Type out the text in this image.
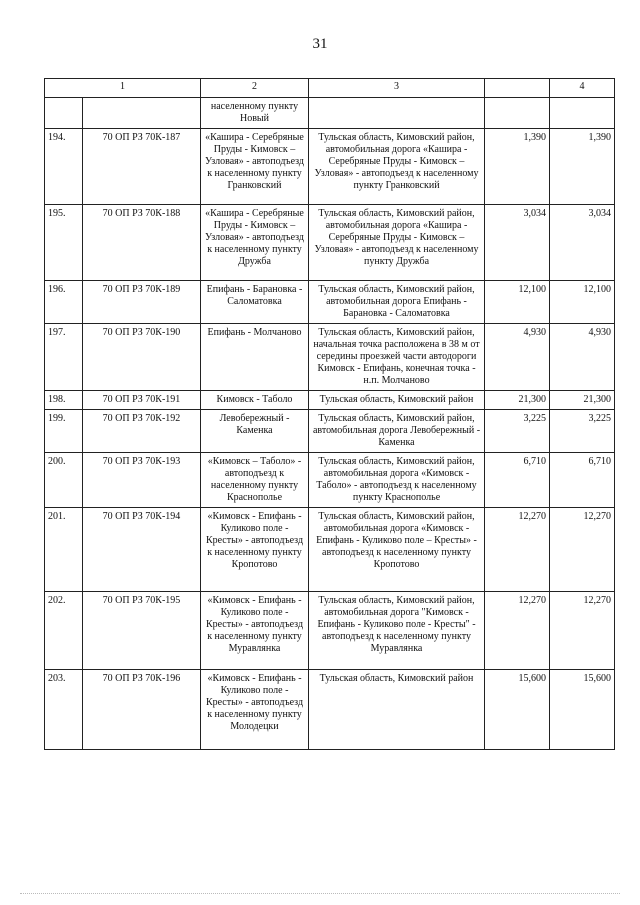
31
1		2	3		4
		населенному пункту Новый			
194.	70 ОП РЗ 70К-187	«Кашира - Серебряные Пруды - Кимовск – Узловая» - автоподъезд к населенному пункту Гранковский	Тульская область, Кимовский район, автомобильная дорога «Кашира - Серебряные Пруды - Кимовск – Узловая» - автоподъезд к населенному пункту Гранковский	1,390	1,390
195.	70 ОП РЗ 70К-188	«Кашира - Серебряные Пруды - Кимовск – Узловая» - автоподъезд к населенному пункту Дружба	Тульская область, Кимовский район, автомобильная дорога «Кашира - Серебряные Пруды - Кимовск – Узловая» - автоподъезд к населенному пункту Дружба	3,034	3,034
196.	70 ОП РЗ 70К-189	Епифань - Барановка - Саломатовка	Тульская область, Кимовский район, автомобильная дорога Епифань - Барановка - Саломатовка	12,100	12,100
197.	70 ОП РЗ 70К-190	Епифань - Молчаново	Тульская область, Кимовский район, начальная точка расположена в 38 м от середины проезжей части автодороги Кимовск - Епифань, конечная точка - н.п. Молчаново	4,930	4,930
198.	70 ОП РЗ 70К-191	Кимовск - Таболо	Тульская область, Кимовский район	21,300	21,300
199.	70 ОП РЗ 70К-192	Левобережный - Каменка	Тульская область, Кимовский район, автомобильная дорога Левобережный - Каменка	3,225	3,225
200.	70 ОП РЗ 70К-193	«Кимовск – Таболо» - автоподъезд к населенному пункту Краснополье	Тульская область, Кимовский район, автомобильная дорога «Кимовск - Таболо» - автоподъезд к населенному пункту Краснополье	6,710	6,710
201.	70 ОП РЗ 70К-194	«Кимовск - Епифань - Куликово поле - Кресты» - автоподъезд к населенному пункту Кропотово	Тульская область, Кимовский район, автомобильная дорога «Кимовск - Епифань - Куликово поле – Кресты» - автоподъезд к населенному пункту Кропотово	12,270	12,270
202.	70 ОП РЗ 70К-195	«Кимовск - Епифань - Куликово поле - Кресты» - автоподъезд к населенному пункту Муравлянка	Тульская область, Кимовский район, автомобильная дорога "Кимовск - Епифань - Куликово поле - Кресты" - автоподъезд к населенному пункту Муравлянка	12,270	12,270
203.	70 ОП РЗ 70К-196	«Кимовск - Епифань - Куликово поле - Кресты» - автоподъезд к населенному пункту Молодецки	Тульская область, Кимовский район	15,600	15,600
